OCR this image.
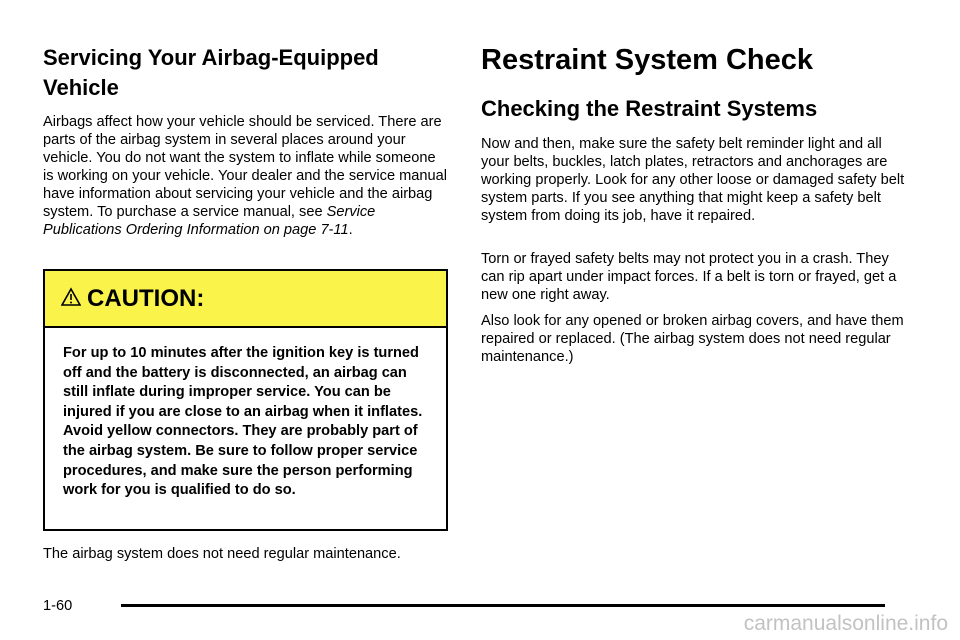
Servicing Your Airbag-Equipped Vehicle

Airbags affect how your vehicle should be serviced. There are parts of the airbag system in several places around your vehicle. You do not want the system to inflate while someone is working on your vehicle. Your dealer and the service manual have information about servicing your vehicle and the airbag system. To purchase a service manual, see Service Publications Ordering Information on page 7-11.

CAUTION:
For up to 10 minutes after the ignition key is turned off and the battery is disconnected, an airbag can still inflate during improper service. You can be injured if you are close to an airbag when it inflates. Avoid yellow connectors. They are probably part of the airbag system. Be sure to follow proper service procedures, and make sure the person performing work for you is qualified to do so.

The airbag system does not need regular maintenance.

Restraint System Check
Checking the Restraint Systems

Now and then, make sure the safety belt reminder light and all your belts, buckles, latch plates, retractors and anchorages are working properly. Look for any other loose or damaged safety belt system parts. If you see anything that might keep a safety belt system from doing its job, have it repaired.

Torn or frayed safety belts may not protect you in a crash. They can rip apart under impact forces. If a belt is torn or frayed, get a new one right away.

Also look for any opened or broken airbag covers, and have them repaired or replaced. (The airbag system does not need regular maintenance.)

1-60
carmanualsonline.info
